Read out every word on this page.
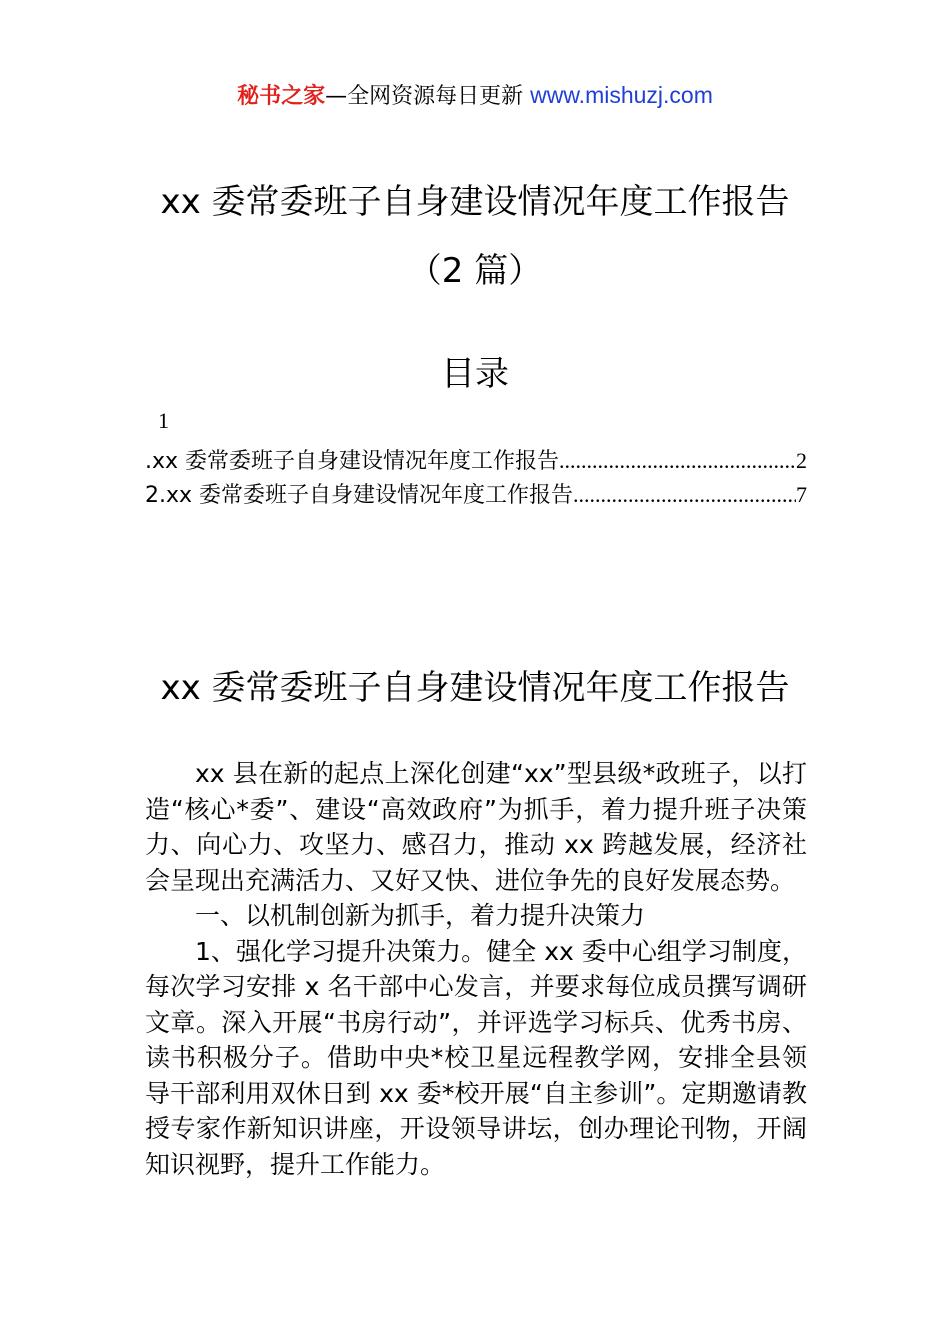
秘书之家—全网资源每日更新 www.mishuzj.com
xx 委常委班子自身建设情况年度工作报告
（2 篇）
目录
1
.xx 委常委班子自身建设情况年度工作报告 .....	2
2.xx 委常委班子自身建设情况年度工作报告 .....	7
xx 委常委班子自身建设情况年度工作报告

xx 县在新的起点上深化创建“xx”型县级*政班子，以打造“核心*委”、建设“高效政府”为抓手，着力提升班子决策力、向心力、攻坚力、感召力，推动 xx 跨越发展，经济社会呈现出充满活力、又好又快、进位争先的良好发展态势。

一、以机制创新为抓手，着力提升决策力

1、强化学习提升决策力。健全 xx 委中心组学习制度，每次学习安排 x 名干部中心发言，并要求每位成员撰写调研文章。深入开展“书房行动”，并评选学习标兵、优秀书房、读书积极分子。借助中央*校卫星远程教学网，安排全县领导干部利用双休日到 xx 委*校开展“自主参训”。定期邀请教授专家作新知识讲座，开设领导讲坛，创办理论刊物，开阔知识视野，提升工作能力。
